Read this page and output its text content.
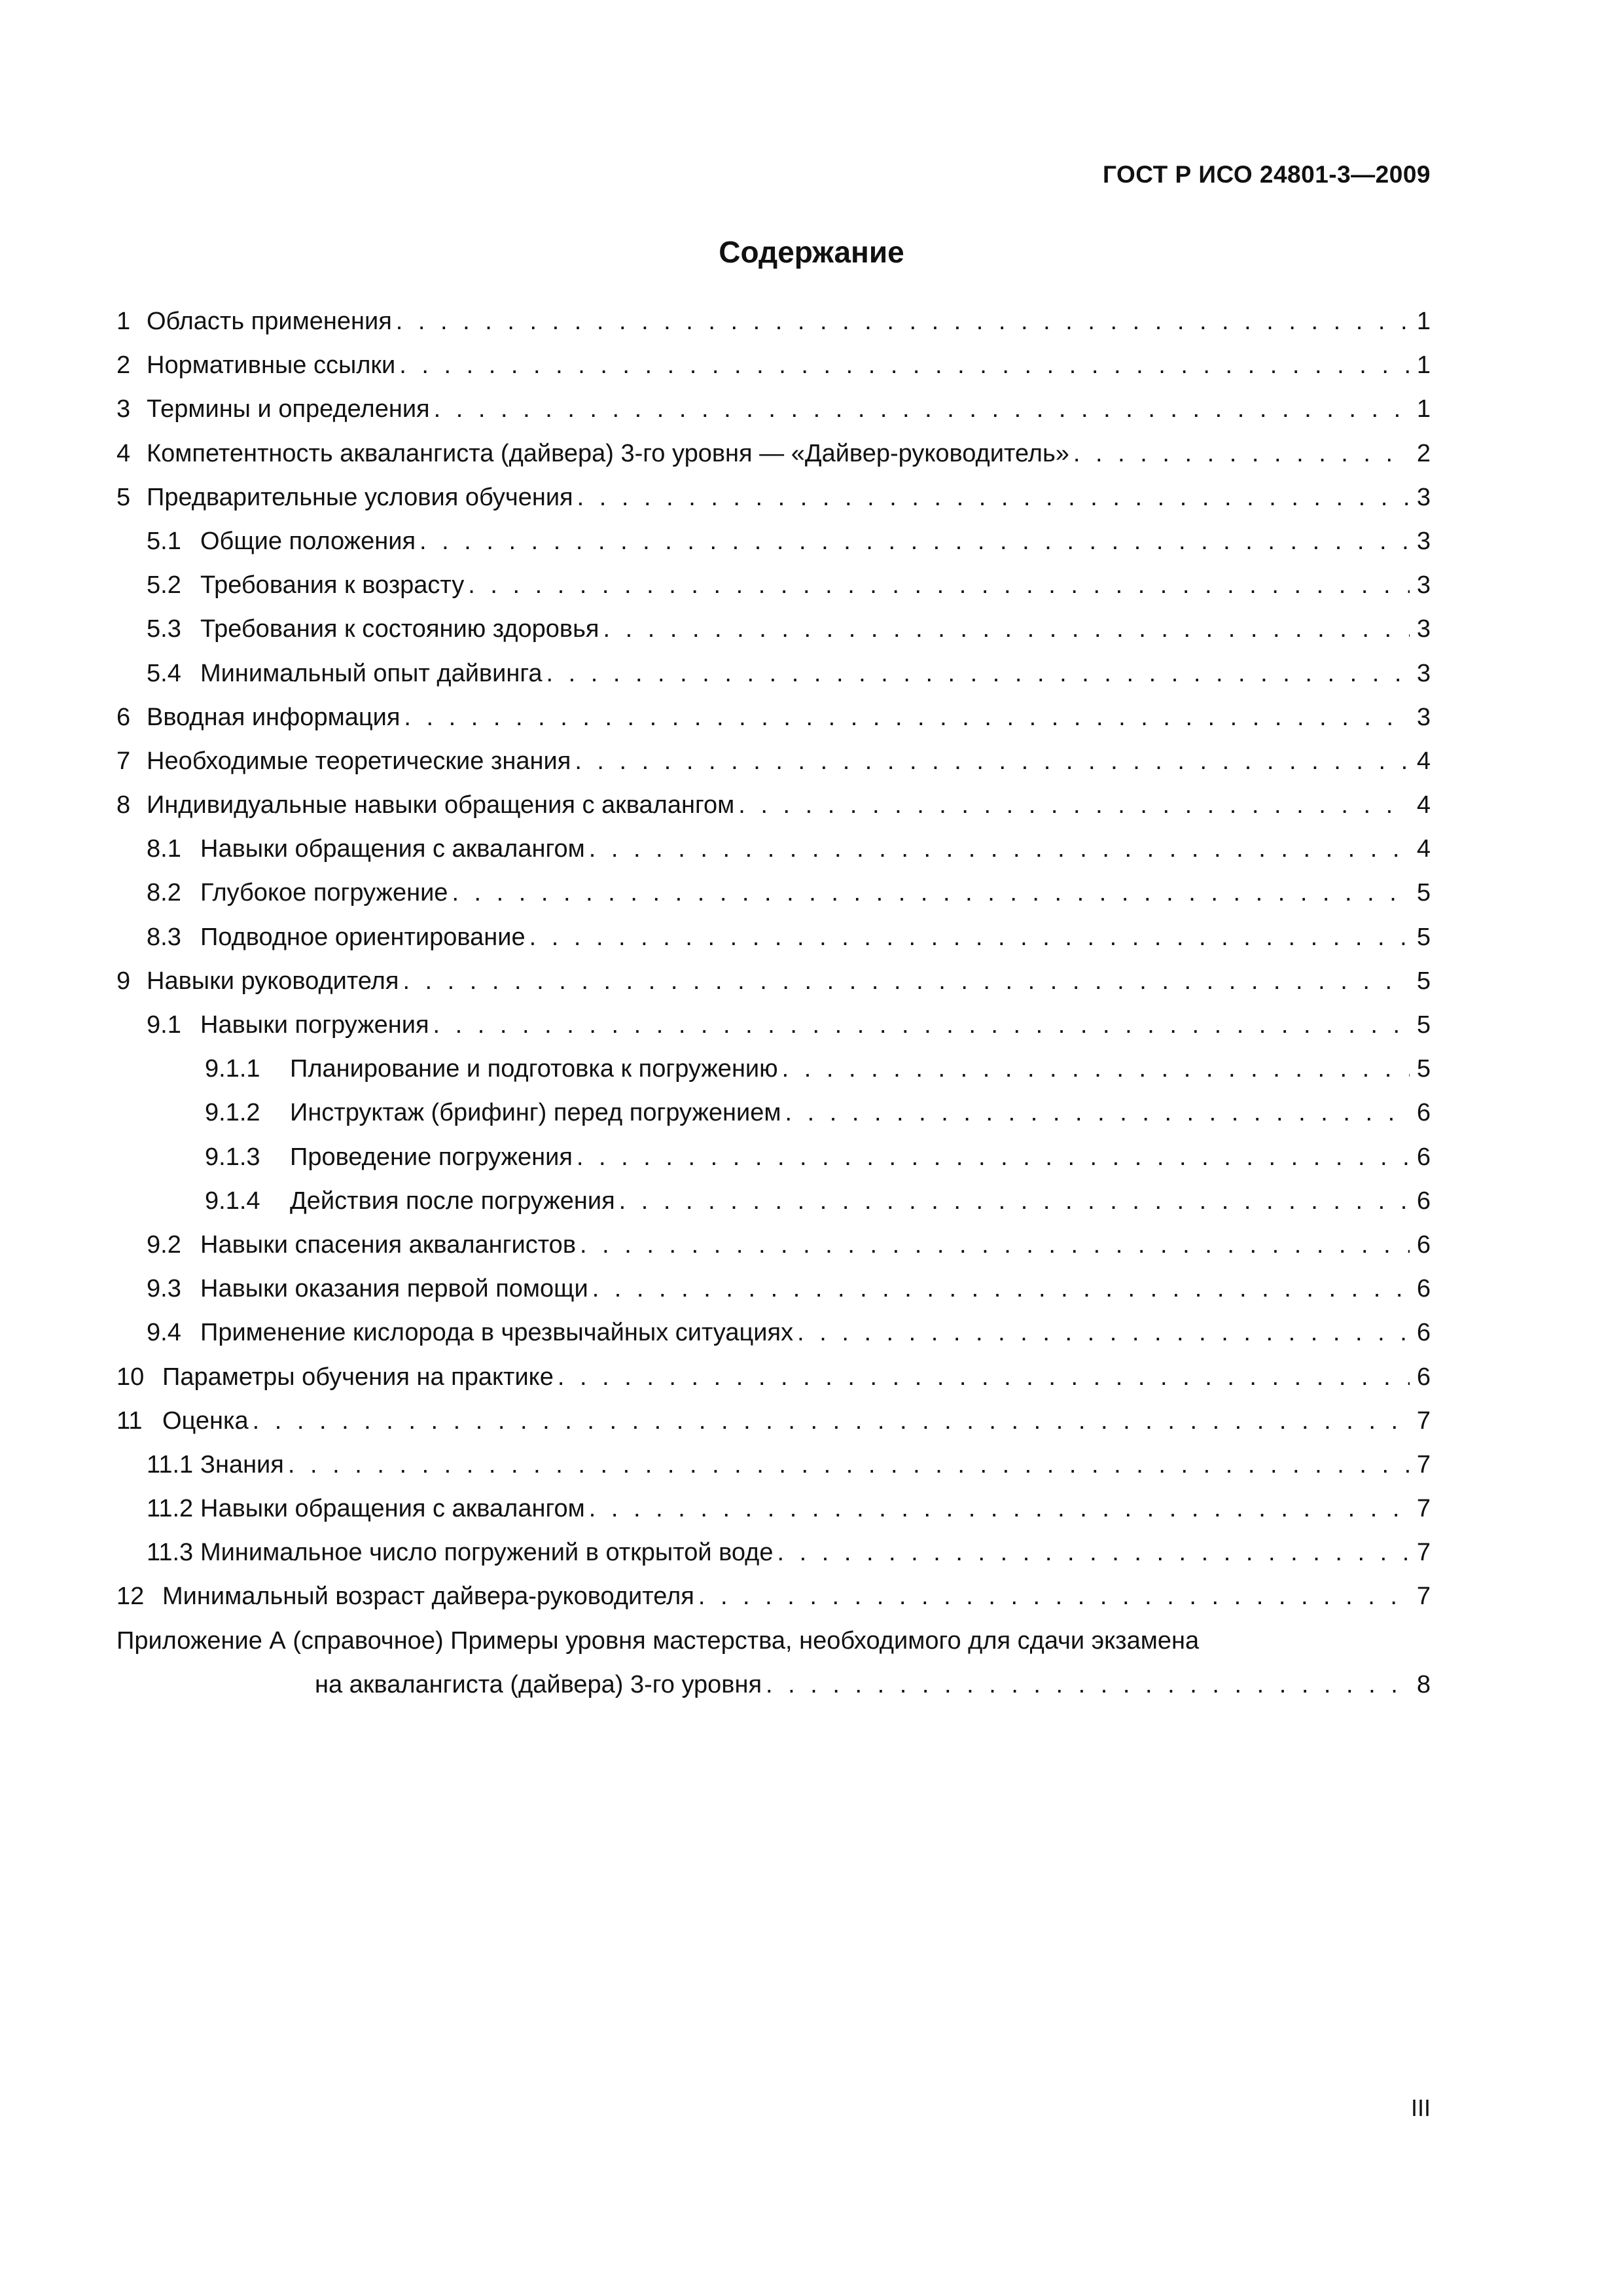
ГОСТ Р ИСО 24801-3—2009
Содержание
1 Область применения . . .	1
2 Нормативные ссылки . . .	1
3 Термины и определения . . .	1
4 Компетентность аквалангиста (дайвера) 3-го уровня — «Дайвер-руководитель» . . .	2
5 Предварительные условия обучения . . .	3
5.1 Общие положения . . .	3
5.2 Требования к возрасту . . .	3
5.3 Требования к состоянию здоровья . . .	3
5.4 Минимальный опыт дайвинга . . .	3
6 Вводная информация . . .	3
7 Необходимые теоретические знания . . .	4
8 Индивидуальные навыки обращения с аквалангом . . .	4
8.1 Навыки обращения с аквалангом . . .	4
8.2 Глубокое погружение . . .	5
8.3 Подводное ориентирование . . .	5
9 Навыки руководителя . . .	5
9.1 Навыки погружения . . .	5
9.1.1	Планирование и подготовка к погружению . . .	5
9.1.2	Инструктаж (брифинг) перед погружением . . .	6
9.1.3	Проведение погружения . . .	6
9.1.4	Действия после погружения . . .	6
9.2 Навыки спасения аквалангистов . . .	6
9.3 Навыки оказания первой помощи . . .	6
9.4 Применение кислорода в чрезвычайных ситуациях . . .	6
10 Параметры обучения на практике . . .	6
11 Оценка . . .	7
11.1 Знания . . .	7
11.2 Навыки обращения с аквалангом . . .	7
11.3 Минимальное число погружений в открытой воде . . .	7
12 Минимальный возраст дайвера-руководителя . . .	7
Приложение А (справочное) Примеры уровня мастерства, необходимого для сдачи экзамена
на аквалангиста (дайвера) 3-го уровня . . .	8
III
